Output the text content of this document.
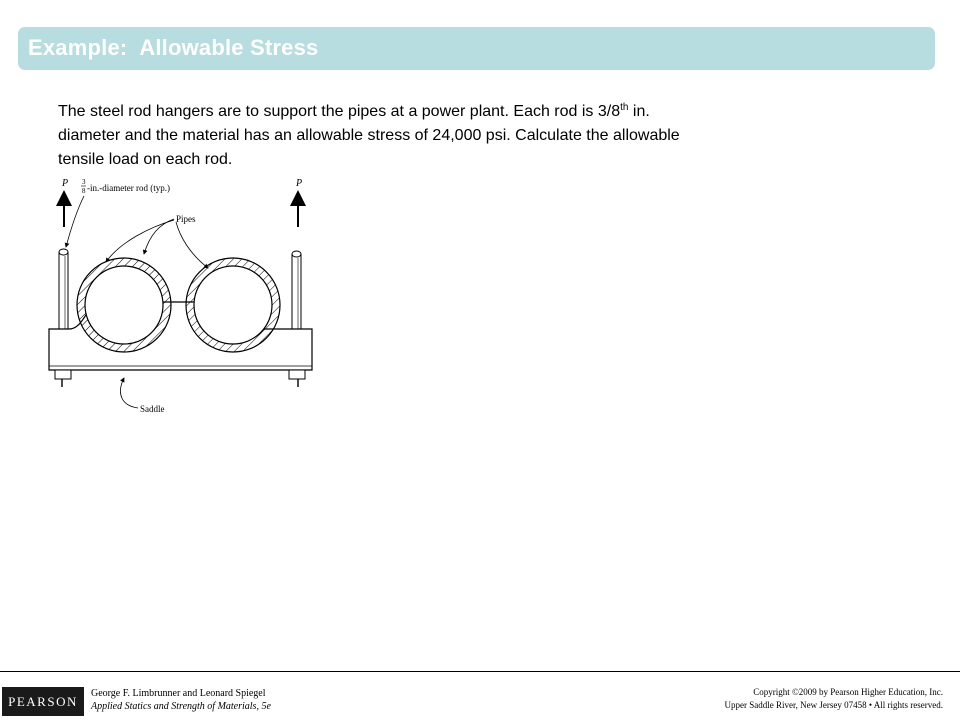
Example:  Allowable Stress
The steel rod hangers are to support the pipes at a power plant. Each rod is 3/8th in.
diameter and the material has an allowable stress of 24,000 psi. Calculate the allowable
tensile load on each rod.
P	P
3
8 -in.-diameter rod (typ.)
Pipes
Saddle
PEARSON	George F. Limbrunner and Leonard Spiegel
Applied Statics and Strength of Materials, 5e
Copyright ©2009 by Pearson Higher Education, Inc.
Upper Saddle River, New Jersey 07458 • All rights reserved.
